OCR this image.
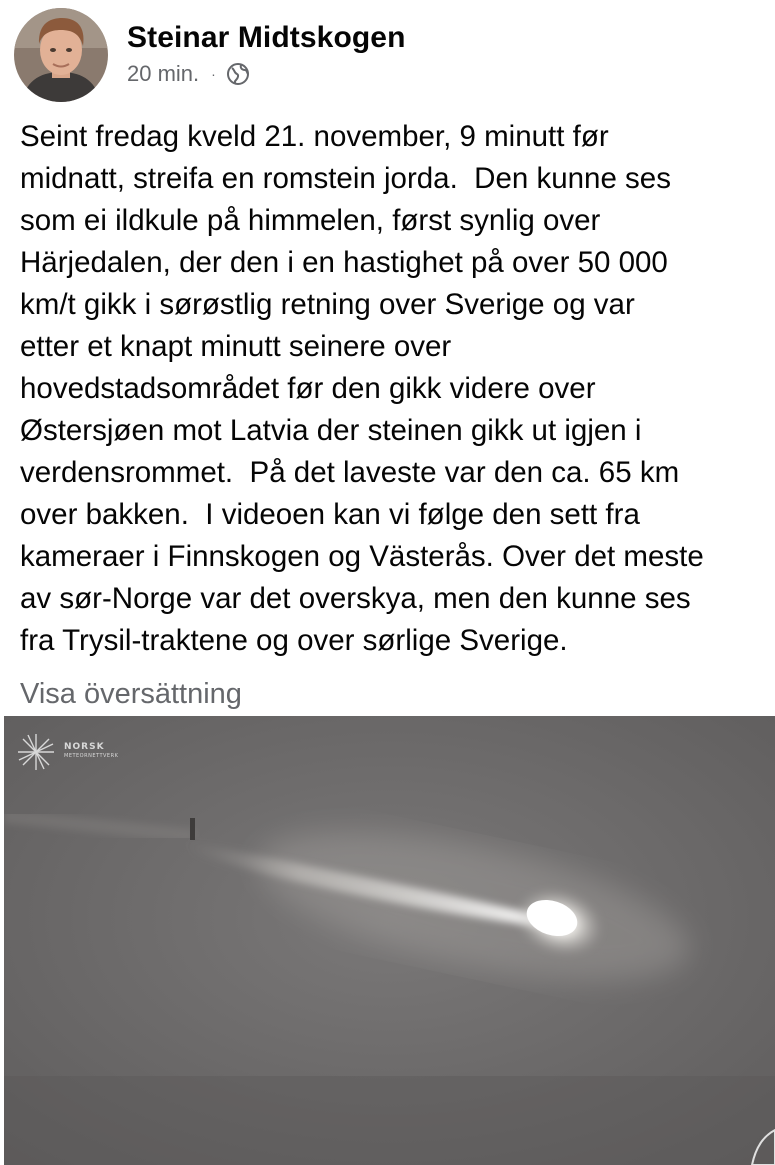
Steinar Midtskogen
20 min. ·

Seint fredag kveld 21. november, 9 minutt før
midnatt, streifa en romstein jorda.  Den kunne ses
som ei ildkule på himmelen, først synlig over
Härjedalen, der den i en hastighet på over 50 000
km/t gikk i sørøstlig retning over Sverige og var
etter et knapt minutt seinere over
hovedstadsområdet før den gikk videre over
Østersjøen mot Latvia der steinen gikk ut igjen i
verdensrommet.  På det laveste var den ca. 65 km
over bakken.  I videoen kan vi følge den sett fra
kameraer i Finnskogen og Västerås. Over det meste
av sør-Norge var det overskya, men den kunne ses
fra Trysil-traktene og over sørlige Sverige.

Visa översättning
NORSK
METEORNETTVERK
